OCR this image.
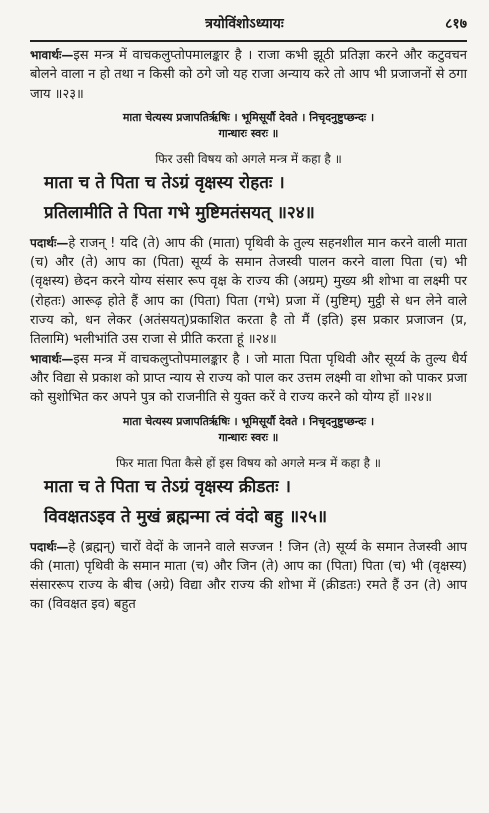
त्रयोविंशोऽध्यायः	८१७

भावार्थः—इस मन्त्र में वाचकलुप्तोपमालङ्कार है । राजा कभी झूठी प्रतिज्ञा करने और कटुवचन बोलने वाला न हो तथा न किसी को ठगे जो यह राजा अन्याय करे तो आप भी प्रजाजनों से ठगा जाय ॥२३॥

माता चेत्यस्य प्रजापतिर्ऋषिः । भूमिसूर्यौ देवते । निचृदनुष्टुप्छन्दः ।

गान्धारः स्वरः ॥

फिर उसी विषय को अगले मन्त्र में कहा है ॥

माता च ते पिता च तेऽग्रं वृक्षस्य रोहतः ।

प्रतिलामीति ते पिता गभे मुष्टिमतंसयत् ॥२४॥

पदार्थः—हे राजन् ! यदि (ते) आप की (माता) पृथिवी के तुल्य सहनशील मान करने वाली माता (च) और (ते) आप का (पिता) सूर्य्य के समान तेजस्वी पालन करने वाला पिता (च) भी (वृक्षस्य) छेदन करने योग्य संसार रूप वृक्ष के राज्य की (अग्रम्) मुख्य श्री शोभा वा लक्ष्मी पर (रोहतः) आरूढ़ होते हैं आप का (पिता) पिता (गभे) प्रजा में (मुष्टिम्) मुट्ठी से धन लेने वाले राज्य को, धन लेकर (अतंसयत्)प्रकाशित करता है तो मैं (इति) इस प्रकार प्रजाजन (प्र, तिलामि) भलीभांति उस राजा से प्रीति करता हूं ॥२४॥

भावार्थः—इस मन्त्र में वाचकलुप्तोपमालङ्कार है । जो माता पिता पृथिवी और सूर्य्य के तुल्य धैर्य और विद्या से प्रकाश को प्राप्त न्याय से राज्य को पाल कर उत्तम लक्ष्मी वा शोभा को पाकर प्रजा को सुशोभित कर अपने पुत्र को राजनीति से युक्त करें वे राज्य करने को योग्य हों ॥२४॥

माता चेत्यस्य प्रजापतिर्ऋषिः । भूमिसूर्यौ देवते । निचृदनुष्टुप्छन्दः ।

गान्धारः स्वरः ॥

फिर माता पिता कैसे हों इस विषय को अगले मन्त्र में कहा है ॥

माता च ते पिता च तेऽग्रं वृक्षस्य क्रीडतः ।

विवक्षतऽइव ते मुखं ब्रह्मन्मा त्वं वंदो बहु ॥२५॥

पदार्थः—हे (ब्रह्मन्) चारों वेदों के जानने वाले सज्जन ! जिन (ते) सूर्य्य के समान तेजस्वी आप की (माता) पृथिवी के समान माता (च) और जिन (ते) आप का (पिता) पिता (च) भी (वृक्षस्य) संसाररूप राज्य के बीच (अग्रे) विद्या और राज्य की शोभा में (क्रीडतः) रमते हैं उन (ते) आप का (विवक्षत इव) बहुत
